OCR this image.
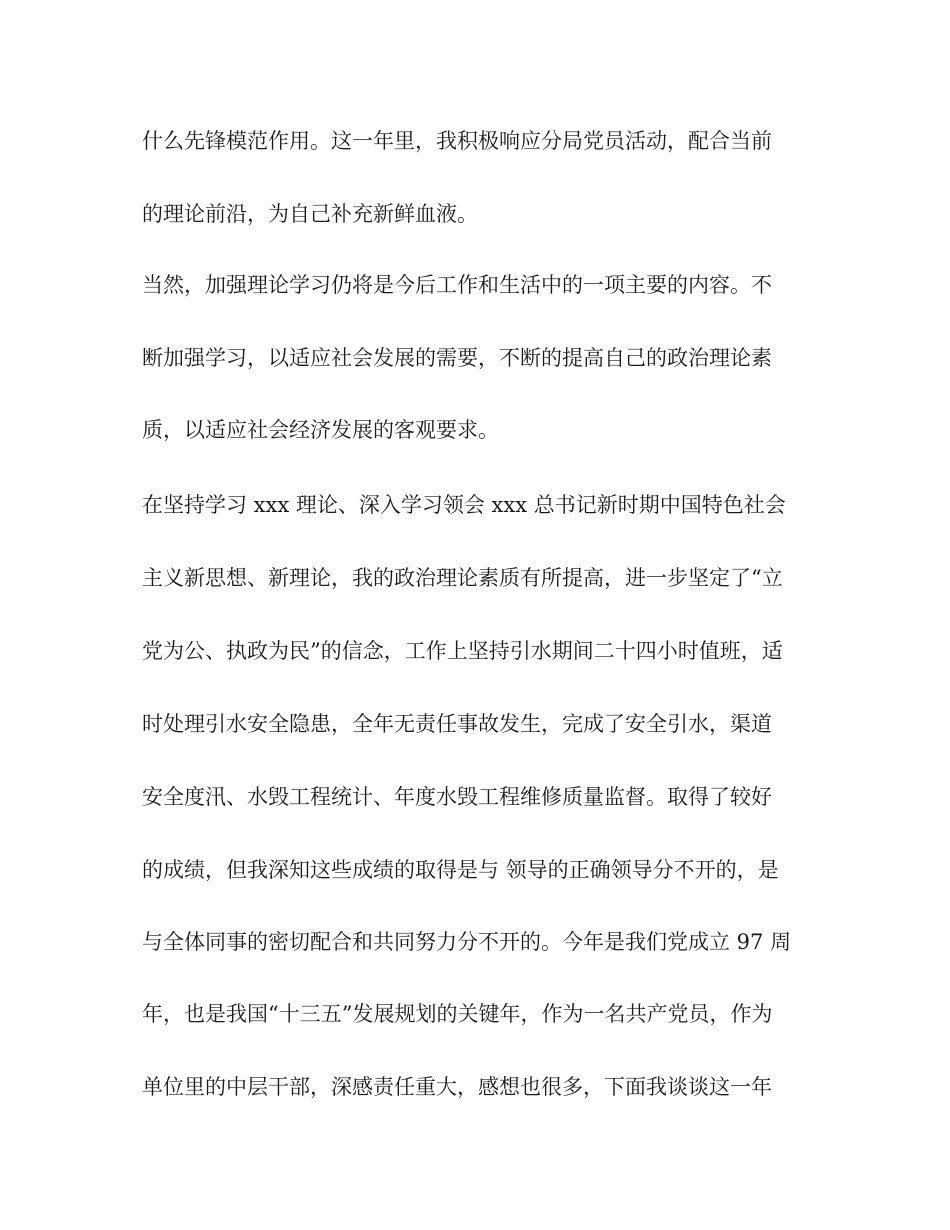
什么先锋模范作用。这一年里，我积极响应分局党员活动，配合当前
的理论前沿，为自己补充新鲜血液。
当然，加强理论学习仍将是今后工作和生活中的一项主要的内容。不
断加强学习，以适应社会发展的需要，不断的提高自己的政治理论素
质，以适应社会经济发展的客观要求。
在坚持学习 xxx 理论、深入学习领会 xxx 总书记新时期中国特色社会
主义新思想、新理论，我的政治理论素质有所提高，进一步坚定了“立
党为公、执政为民”的信念，工作上坚持引水期间二十四小时值班，适
时处理引水安全隐患，全年无责任事故发生，完成了安全引水，渠道
安全度汛、水毁工程统计、年度水毁工程维修质量监督。取得了较好
的成绩，但我深知这些成绩的取得是与 领导的正确领导分不开的，是
与全体同事的密切配合和共同努力分不开的。今年是我们党成立 97 周
年，也是我国“十三五”发展规划的关键年，作为一名共产党员，作为
单位里的中层干部，深感责任重大，感想也很多，下面我谈谈这一年
